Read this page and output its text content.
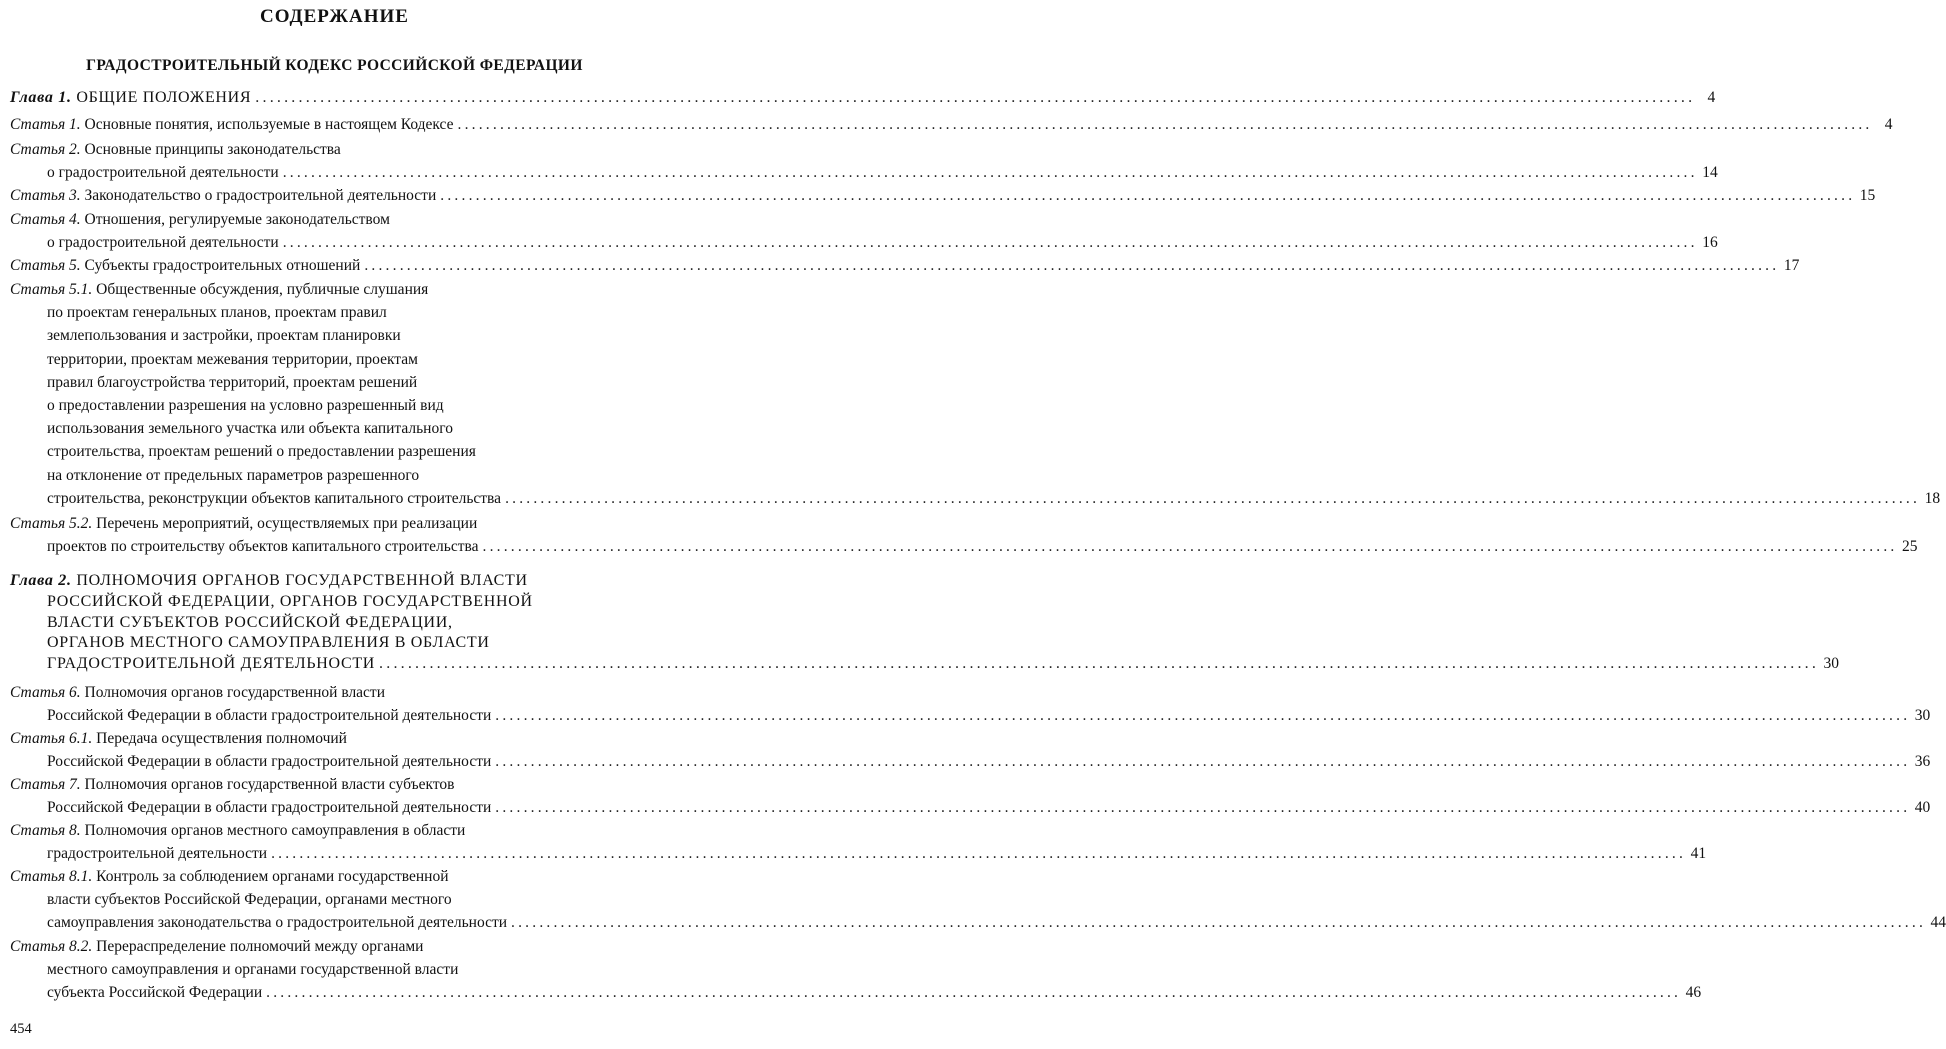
СОДЕРЖАНИЕ
ГРАДОСТРОИТЕЛЬНЫЙ КОДЕКС РОССИЙСКОЙ ФЕДЕРАЦИИ
Глава 1. ОБЩИЕ ПОЛОЖЕНИЯ ........................................................................................................................................................................................................ 4
Статья 1. Основные понятия, используемые в настоящем Кодексе ........................................................................................................................................................................................................ 4
Статья 2. Основные принципы законодательства
о градостроительной деятельности ........................................................................................................................................................................................................ 14
Статья 3. Законодательство о градостроительной деятельности ........................................................................................................................................................................................................ 15
Статья 4. Отношения, регулируемые законодательством
о градостроительной деятельности ........................................................................................................................................................................................................ 16
Статья 5. Субъекты градостроительных отношений ........................................................................................................................................................................................................ 17
Статья 5.1. Общественные обсуждения, публичные слушания
по проектам генеральных планов, проектам правил
землепользования и застройки, проектам планировки
территории, проектам межевания территории, проектам
правил благоустройства территорий, проектам решений
о предоставлении разрешения на условно разрешенный вид
использования земельного участка или объекта капитального
строительства, проектам решений о предоставлении разрешения
на отклонение от предельных параметров разрешенного
строительства, реконструкции объектов капитального строительства ........................................................................................................................................................................................................ 18
Статья 5.2. Перечень мероприятий, осуществляемых при реализации
проектов по строительству объектов капитального строительства ........................................................................................................................................................................................................ 25
Глава 2. ПОЛНОМОЧИЯ ОРГАНОВ ГОСУДАРСТВЕННОЙ ВЛАСТИ
РОССИЙСКОЙ ФЕДЕРАЦИИ, ОРГАНОВ ГОСУДАРСТВЕННОЙ
ВЛАСТИ СУБЪЕКТОВ РОССИЙСКОЙ ФЕДЕРАЦИИ,
ОРГАНОВ МЕСТНОГО САМОУПРАВЛЕНИЯ В ОБЛАСТИ
ГРАДОСТРОИТЕЛЬНОЙ ДЕЯТЕЛЬНОСТИ ........................................................................................................................................................................................................ 30
Статья 6. Полномочия органов государственной власти
Российской Федерации в области градостроительной деятельности ........................................................................................................................................................................................................ 30
Статья 6.1. Передача осуществления полномочий
Российской Федерации в области градостроительной деятельности ........................................................................................................................................................................................................ 36
Статья 7. Полномочия органов государственной власти субъектов
Российской Федерации в области градостроительной деятельности ........................................................................................................................................................................................................ 40
Статья 8. Полномочия органов местного самоуправления в области
градостроительной деятельности ........................................................................................................................................................................................................ 41
Статья 8.1. Контроль за соблюдением органами государственной
власти субъектов Российской Федерации, органами местного
самоуправления законодательства о градостроительной деятельности ........................................................................................................................................................................................................ 44
Статья 8.2. Перераспределение полномочий между органами
местного самоуправления и органами государственной власти
субъекта Российской Федерации ........................................................................................................................................................................................................ 46
454
